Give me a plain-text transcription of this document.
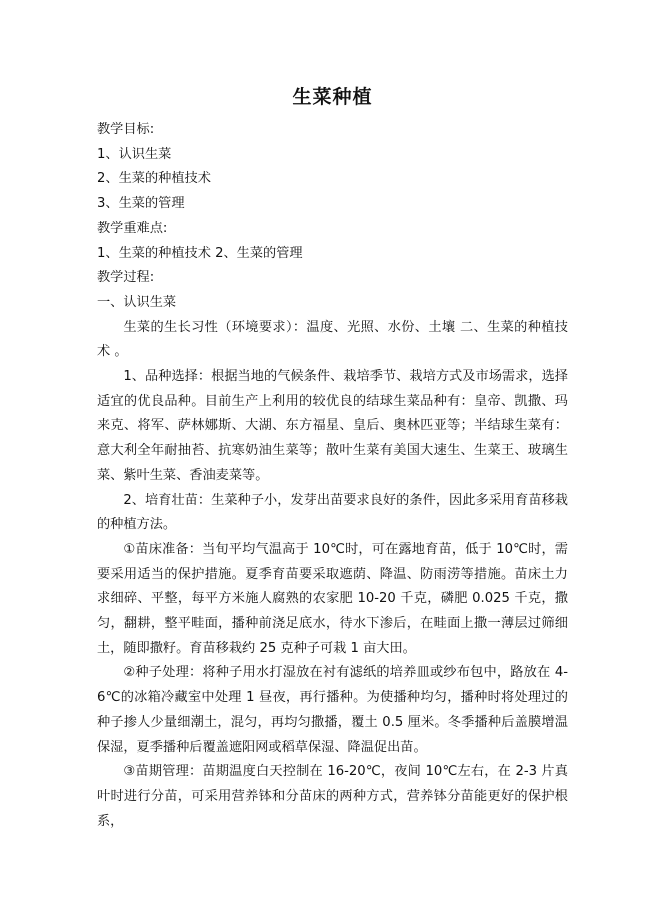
生菜种植

教学目标:

1、认识生菜

2、生菜的种植技术

3、生菜的管理

教学重难点:

1、生菜的种植技术 2、生菜的管理

教学过程:

一、认识生菜

生菜的生长习性（环境要求）：温度、光照、水份、土壤 二、生菜的种植技术 。

1、品种选择：根据当地的气候条件、栽培季节、栽培方式及市场需求，选择适宜的优良品种。目前生产上利用的较优良的结球生菜品种有：皇帝、凯撒、玛来克、将军、萨林娜斯、大湖、东方福星、皇后、奥林匹亚等；半结球生菜有：意大利全年耐抽苔、抗寒奶油生菜等；散叶生菜有美国大速生、生菜王、玻璃生菜、紫叶生菜、香油麦菜等。

2、培育壮苗：生菜种子小，发芽出苗要求良好的条件，因此多采用育苗移栽的种植方法。

①苗床准备：当旬平均气温高于 10℃时，可在露地育苗，低于 10℃时，需要采用适当的保护措施。夏季育苗要采取遮荫、降温、防雨涝等措施。苗床土力求细碎、平整，每平方米施人腐熟的农家肥 10-20 千克，磷肥 0.025 千克，撒匀，翻耕，整平畦面，播种前浇足底水，待水下渗后，在畦面上撒一薄层过筛细土，随即撒籽。育苗移栽约 25 克种子可栽 1 亩大田。

②种子处理：将种子用水打湿放在衬有滤纸的培养皿或纱布包中，路放在 4-6℃的冰箱冷藏室中处理 1 昼夜，再行播种。为使播种均匀，播种时将处理过的种子掺人少量细潮土，混匀，再均匀撒播，覆土 0.5 厘米。冬季播种后盖膜增温保湿，夏季播种后覆盖遮阳网或稻草保湿、降温促出苗。

③苗期管理：苗期温度白天控制在 16-20℃，夜间 10℃左右，在 2-3 片真叶时进行分苗，可采用营养钵和分苗床的两种方式，营养钵分苗能更好的保护根系，
